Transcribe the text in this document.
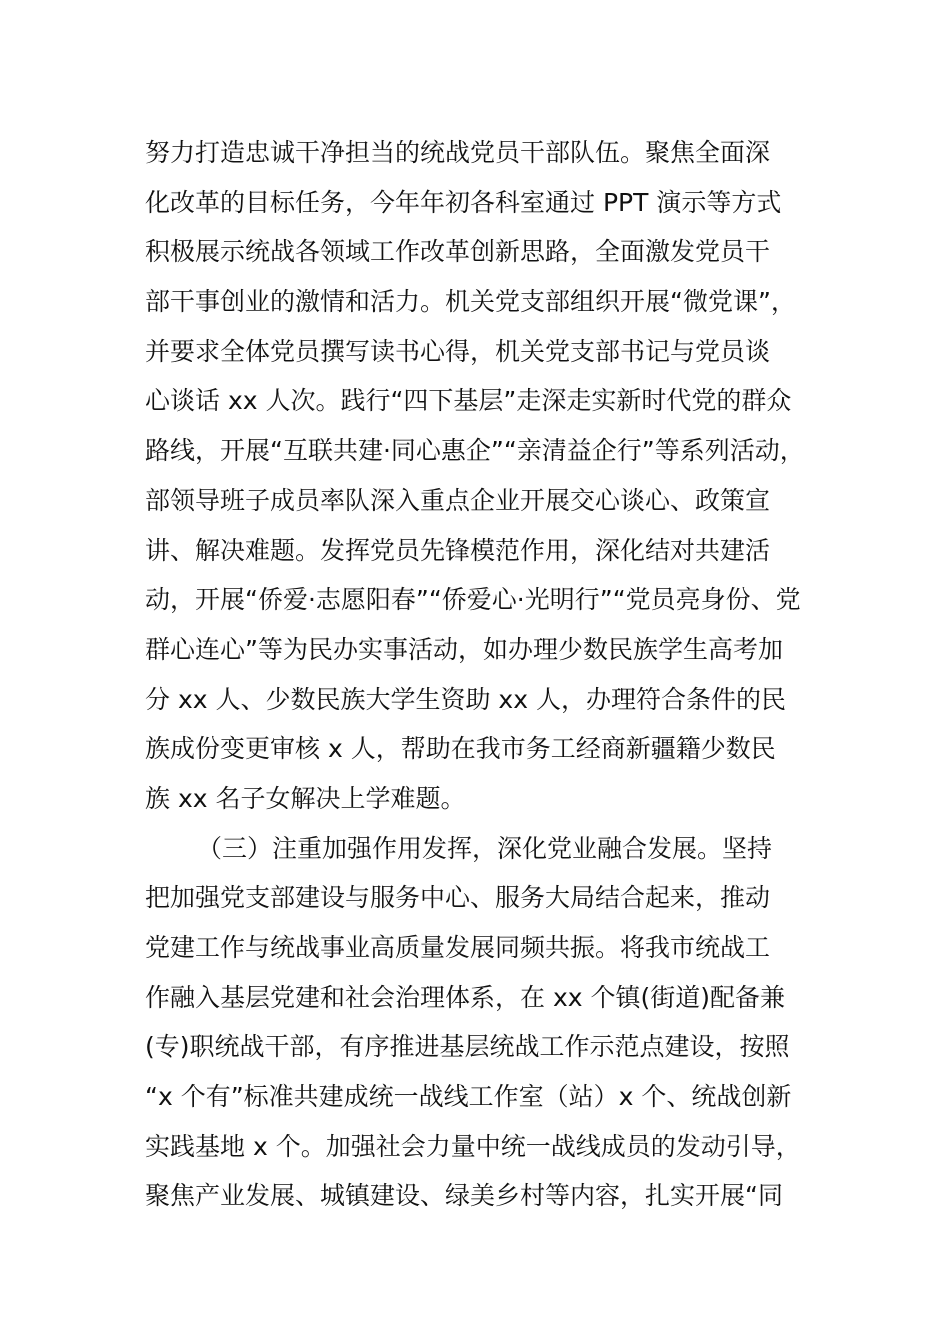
努力打造忠诚干净担当的统战党员干部队伍。聚焦全面深
化改革的目标任务，今年年初各科室通过 PPT 演示等方式
积极展示统战各领域工作改革创新思路，全面激发党员干
部干事创业的激情和活力。机关党支部组织开展“微党课”，
并要求全体党员撰写读书心得，机关党支部书记与党员谈
心谈话 xx 人次。践行“四下基层”走深走实新时代党的群众
路线，开展“互联共建·同心惠企”“亲清益企行”等系列活动，
部领导班子成员率队深入重点企业开展交心谈心、政策宣
讲、解决难题。发挥党员先锋模范作用，深化结对共建活
动，开展“侨爱·志愿阳春”“侨爱心·光明行”“党员亮身份、党
群心连心”等为民办实事活动，如办理少数民族学生高考加
分 xx 人、少数民族大学生资助 xx 人，办理符合条件的民
族成份变更审核 x 人，帮助在我市务工经商新疆籍少数民
族 xx 名子女解决上学难题。
（三）注重加强作用发挥，深化党业融合发展。坚持
把加强党支部建设与服务中心、服务大局结合起来，推动
党建工作与统战事业高质量发展同频共振。将我市统战工
作融入基层党建和社会治理体系，在 xx 个镇(街道)配备兼
(专)职统战干部，有序推进基层统战工作示范点建设，按照
“x 个有”标准共建成统一战线工作室（站）x 个、统战创新
实践基地 x 个。加强社会力量中统一战线成员的发动引导，
聚焦产业发展、城镇建设、绿美乡村等内容，扎实开展“同
